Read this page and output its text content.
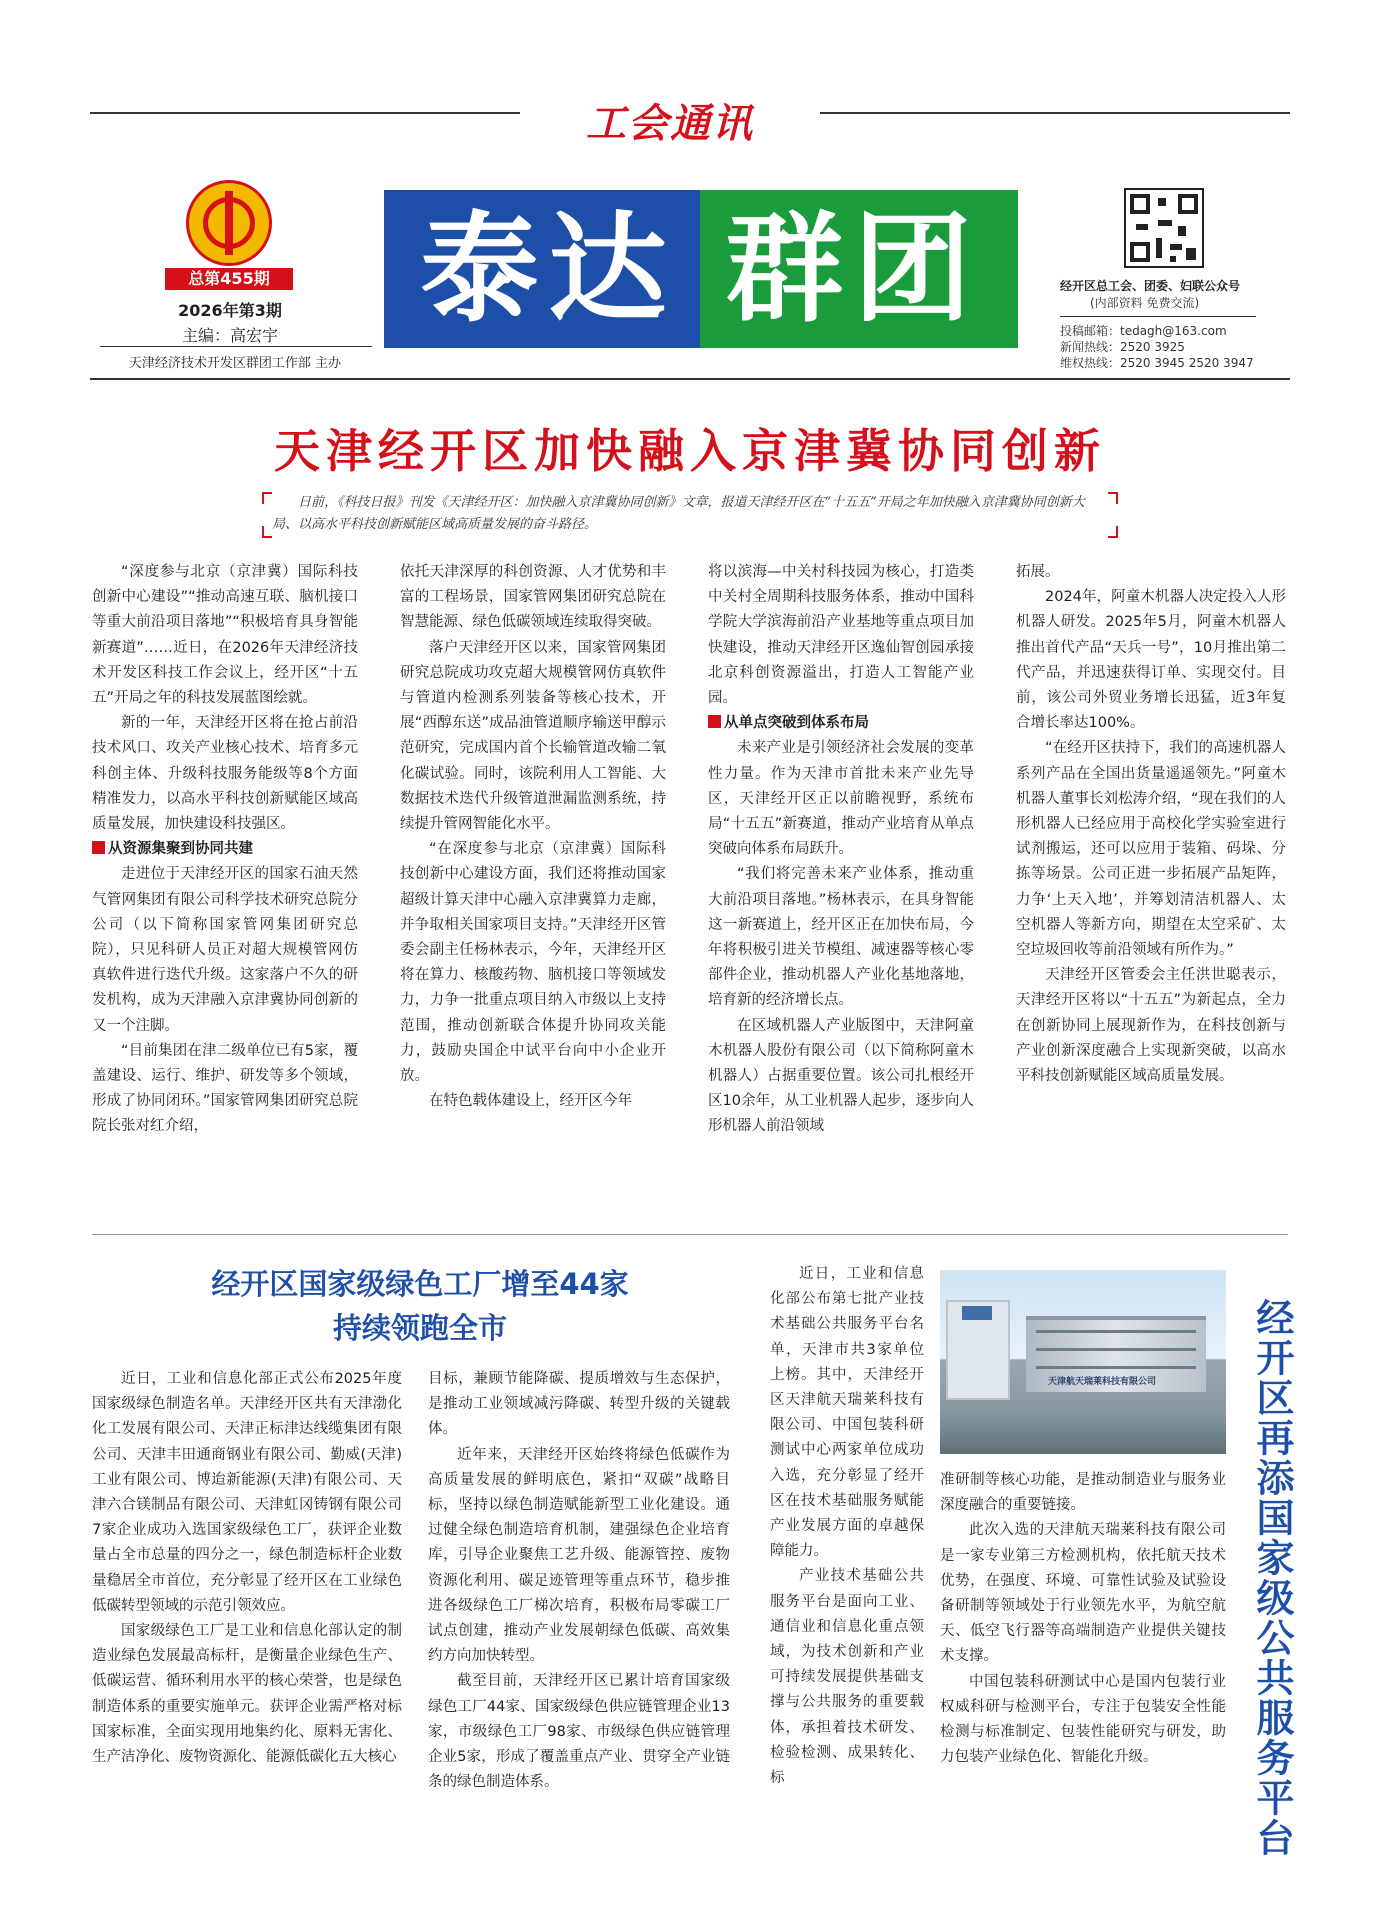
工会通讯
总第455期
2026年第3期
主编：高宏宇
天津经济技术开发区群团工作部 主办
泰达 群团	经开区总工会、团委、妇联公众号
(内部资料 免费交流)
投稿邮箱：tedagh@163.com
新闻热线：2520 3925
维权热线：2520 3945 2520 3947
天津经开区加快融入京津冀协同创新
日前，《科技日报》刊发《天津经开区：加快融入京津冀协同创新》文章，报道天津经开区在“十五五”开局之年加快融入京津冀协同创新大局、以高水平科技创新赋能区域高质量发展的奋斗路径。

“深度参与北京（京津冀）国际科技创新中心建设”“推动高速互联、脑机接口等重大前沿项目落地”“积极培育具身智能新赛道”……近日，在2026年天津经济技术开发区科技工作会议上，经开区“十五五”开局之年的科技发展蓝图绘就。

新的一年，天津经开区将在抢占前沿技术风口、攻关产业核心技术、培育多元科创主体、升级科技服务能级等8个方面精准发力，以高水平科技创新赋能区域高质量发展，加快建设科技强区。

从资源集聚到协同共建

走进位于天津经开区的国家石油天然气管网集团有限公司科学技术研究总院分公司（以下简称国家管网集团研究总院），只见科研人员正对超大规模管网仿真软件进行迭代升级。这家落户不久的研发机构，成为天津融入京津冀协同创新的又一个注脚。

“目前集团在津二级单位已有5家，覆盖建设、运行、维护、研发等多个领域，形成了协同闭环。”国家管网集团研究总院院长张对红介绍，

依托天津深厚的科创资源、人才优势和丰富的工程场景，国家管网集团研究总院在智慧能源、绿色低碳领域连续取得突破。

落户天津经开区以来，国家管网集团研究总院成功攻克超大规模管网仿真软件与管道内检测系列装备等核心技术，开展“西醇东送”成品油管道顺序输送甲醇示范研究，完成国内首个长输管道改输二氧化碳试验。同时，该院利用人工智能、大数据技术迭代升级管道泄漏监测系统，持续提升管网智能化水平。

“在深度参与北京（京津冀）国际科技创新中心建设方面，我们还将推动国家超级计算天津中心融入京津冀算力走廊，并争取相关国家项目支持。”天津经开区管委会副主任杨林表示，今年，天津经开区将在算力、核酸药物、脑机接口等领域发力，力争一批重点项目纳入市级以上支持范围，推动创新联合体提升协同攻关能力，鼓励央国企中试平台向中小企业开放。

在特色载体建设上，经开区今年

将以滨海—中关村科技园为核心，打造类中关村全周期科技服务体系，推动中国科学院大学滨海前沿产业基地等重点项目加快建设，推动天津经开区逸仙智创园承接北京科创资源溢出，打造人工智能产业园。

从单点突破到体系布局

未来产业是引领经济社会发展的变革性力量。作为天津市首批未来产业先导区，天津经开区正以前瞻视野，系统布局“十五五”新赛道，推动产业培育从单点突破向体系布局跃升。

“我们将完善未来产业体系，推动重大前沿项目落地。”杨林表示，在具身智能这一新赛道上，经开区正在加快布局，今年将积极引进关节模组、减速器等核心零部件企业，推动机器人产业化基地落地，培育新的经济增长点。

在区域机器人产业版图中，天津阿童木机器人股份有限公司（以下简称阿童木机器人）占据重要位置。该公司扎根经开区10余年，从工业机器人起步，逐步向人形机器人前沿领域

拓展。

2024年，阿童木机器人决定投入人形机器人研发。2025年5月，阿童木机器人推出首代产品“天兵一号”，10月推出第二代产品，并迅速获得订单、实现交付。目前，该公司外贸业务增长迅猛，近3年复合增长率达100%。

“在经开区扶持下，我们的高速机器人系列产品在全国出货量遥遥领先。”阿童木机器人董事长刘松涛介绍，“现在我们的人形机器人已经应用于高校化学实验室进行试剂搬运，还可以应用于装箱、码垛、分拣等场景。公司正进一步拓展产品矩阵，力争‘上天入地’，并筹划清洁机器人、太空机器人等新方向，期望在太空采矿、太空垃圾回收等前沿领域有所作为。”

天津经开区管委会主任洪世聪表示，天津经开区将以“十五五”为新起点，全力在创新协同上展现新作为，在科技创新与产业创新深度融合上实现新突破，以高水平科技创新赋能区域高质量发展。

经开区国家级绿色工厂增至44家
持续领跑全市

近日，工业和信息化部正式公布2025年度国家级绿色制造名单。天津经开区共有天津渤化化工发展有限公司、天津正标津达线缆集团有限公司、天津丰田通商钢业有限公司、勤威(天津)工业有限公司、博迨新能源(天津)有限公司、天津六合镁制品有限公司、天津虹冈铸钢有限公司7家企业成功入选国家级绿色工厂，获评企业数量占全市总量的四分之一，绿色制造标杆企业数量稳居全市首位，充分彰显了经开区在工业绿色低碳转型领域的示范引领效应。

国家级绿色工厂是工业和信息化部认定的制造业绿色发展最高标杆，是衡量企业绿色生产、低碳运营、循环利用水平的核心荣誉，也是绿色制造体系的重要实施单元。获评企业需严格对标国家标准，全面实现用地集约化、原料无害化、生产洁净化、废物资源化、能源低碳化五大核心

目标，兼顾节能降碳、提质增效与生态保护，是推动工业领域减污降碳、转型升级的关键载体。

近年来，天津经开区始终将绿色低碳作为高质量发展的鲜明底色，紧扣“双碳”战略目标，坚持以绿色制造赋能新型工业化建设。通过健全绿色制造培育机制，建强绿色企业培育库，引导企业聚焦工艺升级、能源管控、废物资源化利用、碳足迹管理等重点环节，稳步推进各级绿色工厂梯次培育，积极布局零碳工厂试点创建，推动产业发展朝绿色低碳、高效集约方向加快转型。

截至目前，天津经开区已累计培育国家级绿色工厂44家、国家级绿色供应链管理企业13家，市级绿色工厂98家、市级绿色供应链管理企业5家，形成了覆盖重点产业、贯穿全产业链条的绿色制造体系。

近日，工业和信息化部公布第七批产业技术基础公共服务平台名单，天津市共3家单位上榜。其中，天津经开区天津航天瑞莱科技有限公司、中国包装科研测试中心两家单位成功入选，充分彰显了经开区在技术基础服务赋能产业发展方面的卓越保障能力。

产业技术基础公共服务平台是面向工业、通信业和信息化重点领域，为技术创新和产业可持续发展提供基础支撑与公共服务的重要载体，承担着技术研发、检验检测、成果转化、标

天津航天瑞莱科技有限公司

准研制等核心功能，是推动制造业与服务业深度融合的重要链接。

此次入选的天津航天瑞莱科技有限公司是一家专业第三方检测机构，依托航天技术优势，在强度、环境、可靠性试验及试验设备研制等领域处于行业领先水平，为航空航天、低空飞行器等高端制造产业提供关键技术支撑。

中国包装科研测试中心是国内包装行业权威科研与检测平台，专注于包装安全性能检测与标准制定、包装性能研究与研发，助力包装产业绿色化、智能化升级。	经开区再添国家级公共服务平台
